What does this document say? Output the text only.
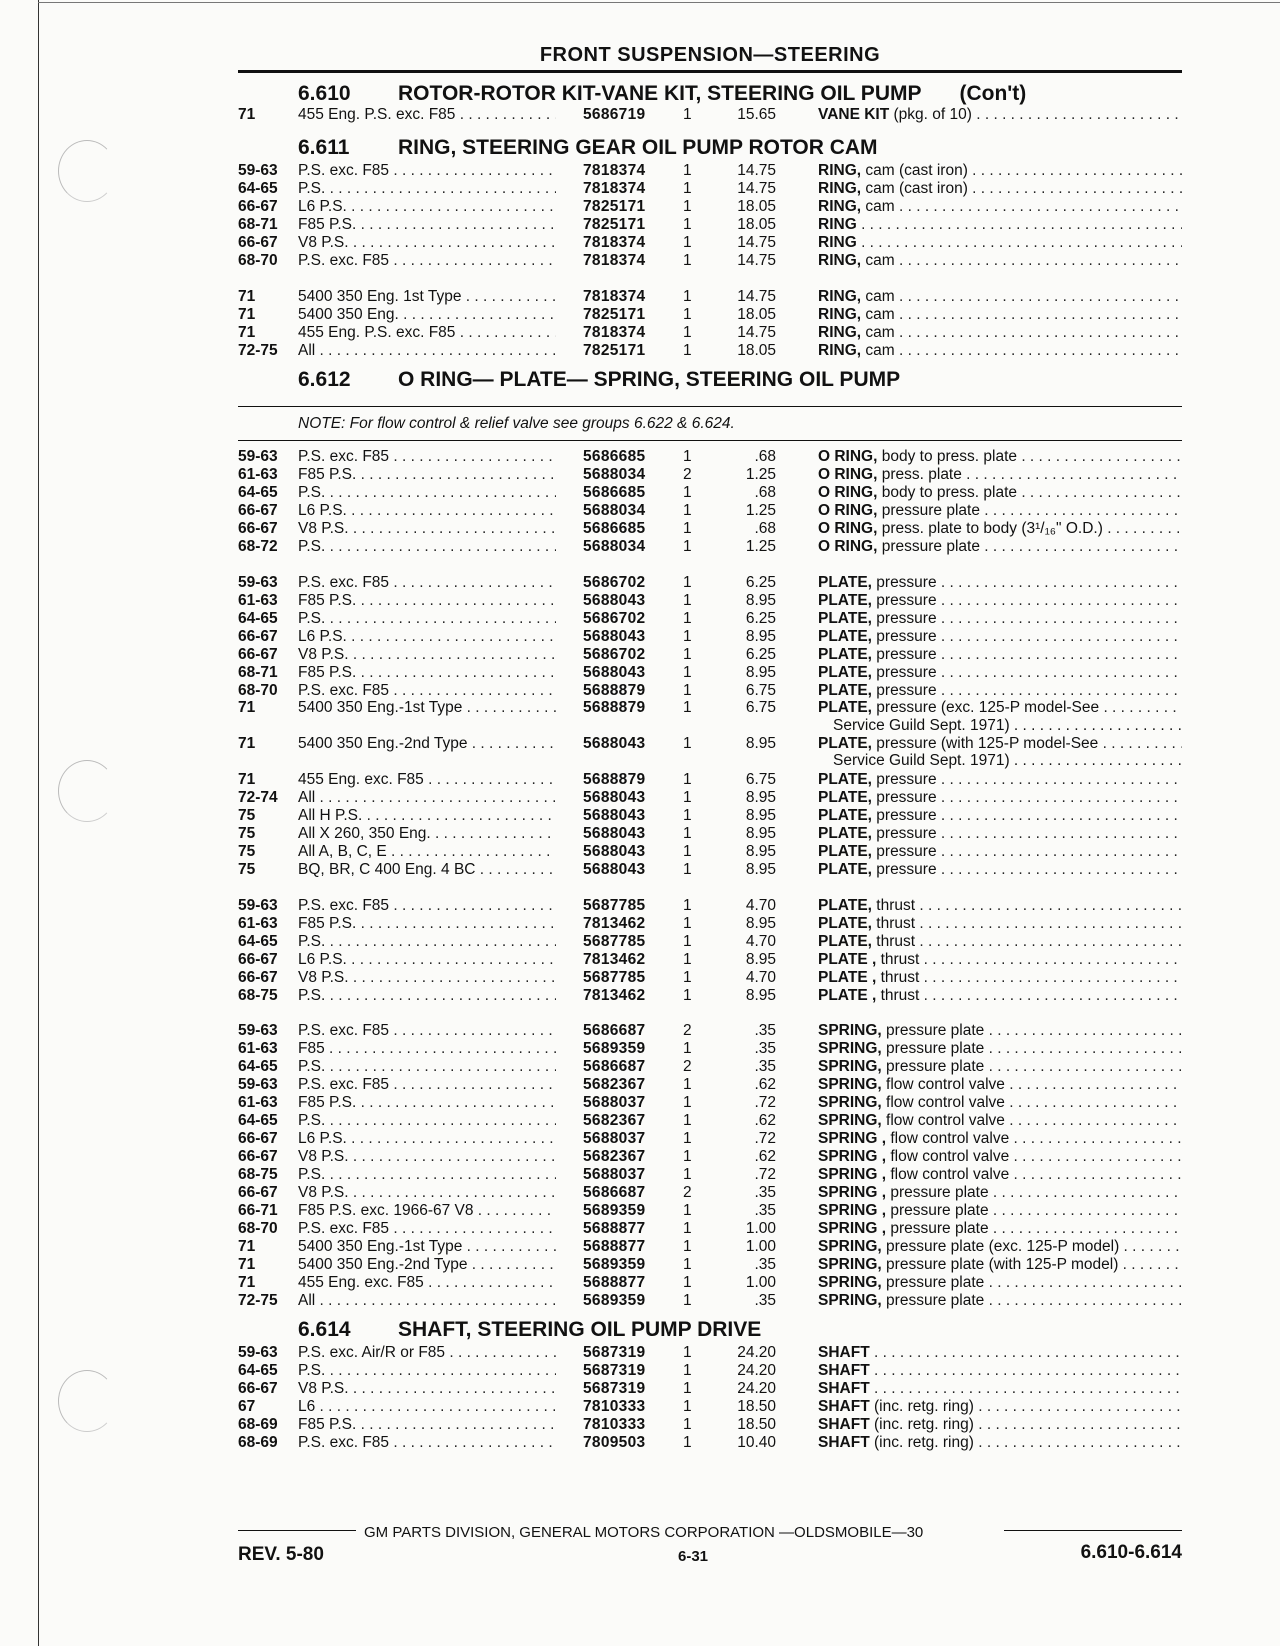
FRONT SUSPENSION—STEERING
6.610 ROTOR-ROTOR KIT-VANE KIT, STEERING OIL PUMP (Con't)
6.611 RING, STEERING GEAR OIL PUMP ROTOR CAM
6.612 O RING— PLATE— SPRING, STEERING OIL PUMP
NOTE: For flow control & relief valve see groups 6.622 & 6.624.
6.614 SHAFT, STEERING OIL PUMP DRIVE
71	455 Eng. P.S. exc. F85 . . .	5686719	1	15.65	VANE KIT (pkg. of 10) . . .
59-63	P.S. exc. F85 . . .	7818374	1	14.75	RING, cam (cast iron) . . .
64-65	P.S. . . .	7818374	1	14.75	RING, cam (cast iron) . . .
66-67	L6 P.S. . . .	7825171	1	18.05	RING, cam . . .
68-71	F85 P.S. . . .	7825171	1	18.05	RING . . .
66-67	V8 P.S. . . .	7818374	1	14.75	RING . . .
68-70	P.S. exc. F85 . . .	7818374	1	14.75	RING, cam . . .
71	5400 350 Eng. 1st Type . . .	7818374	1	14.75	RING, cam . . .
71	5400 350 Eng. . . .	7825171	1	18.05	RING, cam . . .
71	455 Eng. P.S. exc. F85 . . .	7818374	1	14.75	RING, cam . . .
72-75	All . . .	7825171	1	18.05	RING, cam . . .
59-63	P.S. exc. F85 . . .	5686685	1	.68	O RING, body to press. plate . . .
61-63	F85 P.S. . . .	5688034	2	1.25	O RING, press. plate . . .
64-65	P.S. . . .	5686685	1	.68	O RING, body to press. plate . . .
66-67	L6 P.S. . . .	5688034	1	1.25	O RING, pressure plate . . .
66-67	V8 P.S. . . .	5686685	1	.68	O RING, press. plate to body (3¹/₁₆" O.D.) . . .
68-72	P.S. . . .	5688034	1	1.25	O RING, pressure plate . . .
59-63	P.S. exc. F85 . . .	5686702	1	6.25	PLATE, pressure . . .
61-63	F85 P.S. . . .	5688043	1	8.95	PLATE, pressure . . .
64-65	P.S. . . .	5686702	1	6.25	PLATE, pressure . . .
66-67	L6 P.S. . . .	5688043	1	8.95	PLATE, pressure . . .
66-67	V8 P.S. . . .	5686702	1	6.25	PLATE, pressure . . .
68-71	F85 P.S. . . .	5688043	1	8.95	PLATE, pressure . . .
68-70	P.S. exc. F85 . . .	5688879	1	6.75	PLATE, pressure . . .
71	5400 350 Eng.-1st Type . . .	5688879	1	6.75	PLATE, pressure (exc. 125-P model-See . . .
71	5400 350 Eng.-2nd Type . . .	5688043	1	8.95	PLATE, pressure (with 125-P model-See . . .
71	455 Eng. exc. F85 . . .	5688879	1	6.75	PLATE, pressure . . .
72-74	All . . .	5688043	1	8.95	PLATE, pressure . . .
75	All H P.S. . . .	5688043	1	8.95	PLATE, pressure . . .
75	All X 260, 350 Eng. . . .	5688043	1	8.95	PLATE, pressure . . .
75	All A, B, C, E . . .	5688043	1	8.95	PLATE, pressure . . .
75	BQ, BR, C 400 Eng. 4 BC . . .	5688043	1	8.95	PLATE, pressure . . .
59-63	P.S. exc. F85 . . .	5687785	1	4.70	PLATE, thrust . . .
61-63	F85 P.S. . . .	7813462	1	8.95	PLATE, thrust . . .
64-65	P.S. . . .	5687785	1	4.70	PLATE, thrust . . .
66-67	L6 P.S. . . .	7813462	1	8.95	PLATE , thrust . . .
66-67	V8 P.S. . . .	5687785	1	4.70	PLATE , thrust . . .
68-75	P.S. . . .	7813462	1	8.95	PLATE , thrust . . .
59-63	P.S. exc. F85 . . .	5686687	2	.35	SPRING, pressure plate . . .
61-63	F85 . . .	5689359	1	.35	SPRING, pressure plate . . .
64-65	P.S. . . .	5686687	2	.35	SPRING, pressure plate . . .
59-63	P.S. exc. F85 . . .	5682367	1	.62	SPRING, flow control valve . . .
61-63	F85 P.S. . . .	5688037	1	.72	SPRING, flow control valve . . .
64-65	P.S. . . .	5682367	1	.62	SPRING, flow control valve . . .
66-67	L6 P.S. . . .	5688037	1	.72	SPRING , flow control valve . . .
66-67	V8 P.S. . . .	5682367	1	.62	SPRING , flow control valve . . .
68-75	P.S. . . .	5688037	1	.72	SPRING , flow control valve . . .
66-67	V8 P.S. . . .	5686687	2	.35	SPRING , pressure plate . . .
66-71	F85 P.S. exc. 1966-67 V8 . . .	5689359	1	.35	SPRING , pressure plate . . .
68-70	P.S. exc. F85 . . .	5688877	1	1.00	SPRING , pressure plate . . .
71	5400 350 Eng.-1st Type . . .	5688877	1	1.00	SPRING, pressure plate (exc. 125-P model) . . .
71	5400 350 Eng.-2nd Type . . .	5689359	1	.35	SPRING, pressure plate (with 125-P model) . . .
71	455 Eng. exc. F85 . . .	5688877	1	1.00	SPRING, pressure plate . . .
72-75	All . . .	5689359	1	.35	SPRING, pressure plate . . .
59-63	P.S. exc. Air/R or F85 . . .	5687319	1	24.20	SHAFT . . .
64-65	P.S. . . .	5687319	1	24.20	SHAFT . . .
66-67	V8 P.S. . . .	5687319	1	24.20	SHAFT . . .
67	L6 . . .	7810333	1	18.50	SHAFT (inc. retg. ring) . . .
68-69	F85 P.S. . . .	7810333	1	18.50	SHAFT (inc. retg. ring) . . .
68-69	P.S. exc. F85 . . .	7809503	1	10.40	SHAFT (inc. retg. ring) . . .
Service Guild Sept. 1971) . . .
Service Guild Sept. 1971) . . .
GM PARTS DIVISION, GENERAL MOTORS CORPORATION —OLDSMOBILE—30
REV. 5-80	6-31	6.610-6.614
